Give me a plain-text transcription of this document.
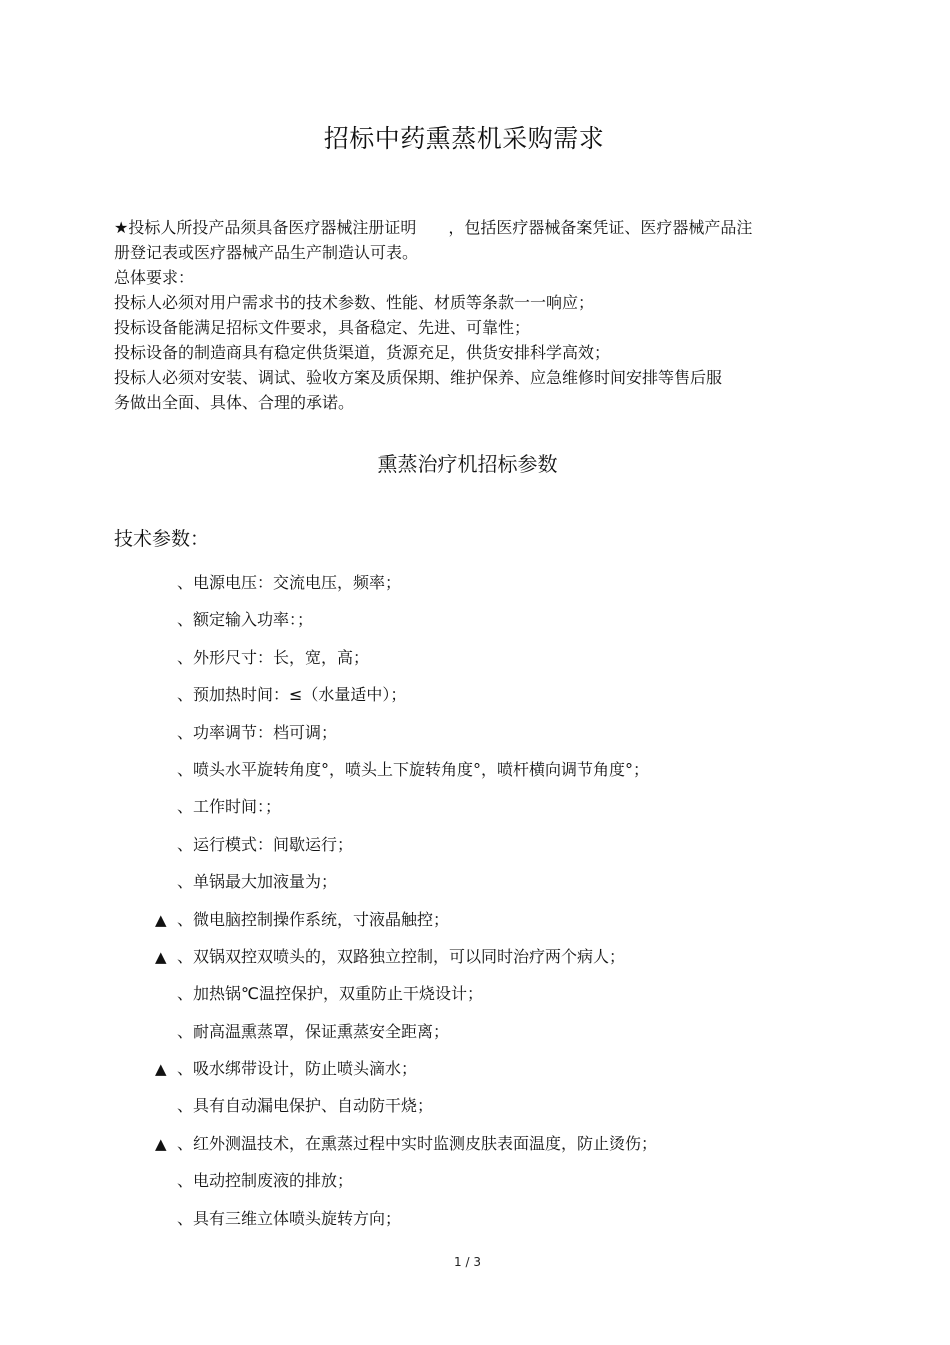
招标中药熏蒸机采购需求

★投标人所投产品须具备医疗器械注册证明　　，包括医疗器械备案凭证、医疗器械产品注

册登记表或医疗器械产品生产制造认可表。

总体要求：

投标人必须对用户需求书的技术参数、性能、材质等条款一一响应；

投标设备能满足招标文件要求，具备稳定、先进、可靠性；

投标设备的制造商具有稳定供货渠道，货源充足，供货安排科学高效；

投标人必须对安装、调试、验收方案及质保期、维护保养、应急维修时间安排等售后服

务做出全面、具体、合理的承诺。

熏蒸治疗机招标参数
技术参数：
、电源电压：交流电压，频率；
、额定输入功率：；
、外形尺寸：长，宽，高；
、预加热时间：≤（水量适中）；
、功率调节：档可调；
、喷头水平旋转角度°，喷头上下旋转角度°，喷杆横向调节角度°；
、工作时间：；
、运行模式：间歇运行；
、单锅最大加液量为；
▲ 、微电脑控制操作系统，寸液晶触控；
▲ 、双锅双控双喷头的，双路独立控制，可以同时治疗两个病人；
、加热锅℃温控保护，双重防止干烧设计；
、耐高温熏蒸罩，保证熏蒸安全距离；
▲ 、吸水绑带设计，防止喷头滴水；
、具有自动漏电保护、自动防干烧；
▲ 、红外测温技术，在熏蒸过程中实时监测皮肤表面温度，防止烫伤；
、电动控制废液的排放；
、具有三维立体喷头旋转方向；
1 / 3
